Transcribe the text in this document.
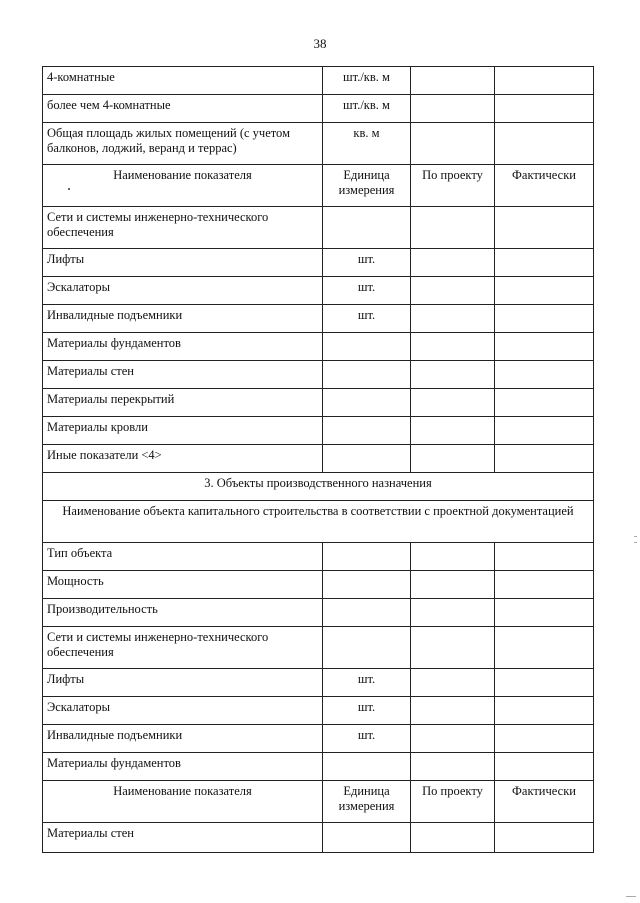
38
4-комнатные	шт./кв. м		
более чем 4-комнатные	шт./кв. м		
Общая площадь жилых помещений (с учетом балконов, лоджий, веранд и террас)	кв. м		
Наименование показателя	Единица измерения	По проекту	Фактически
Сети и системы инженерно-технического обеспечения			
Лифты	шт.		
Эскалаторы	шт.		
Инвалидные подъемники	шт.		
Материалы фундаментов			
Материалы стен			
Материалы перекрытий			
Материалы кровли			
Иные показатели <4>			
3. Объекты производственного назначения			
Наименование объекта капитального строительства в соответствии с проектной документацией			
Тип объекта			
Мощность			
Производительность			
Сети и системы инженерно-технического обеспечения			
Лифты	шт.		
Эскалаторы	шт.		
Инвалидные подъемники	шт.		
Материалы фундаментов			
Наименование показателя	Единица измерения	По проекту	Фактически
Материалы стен			
